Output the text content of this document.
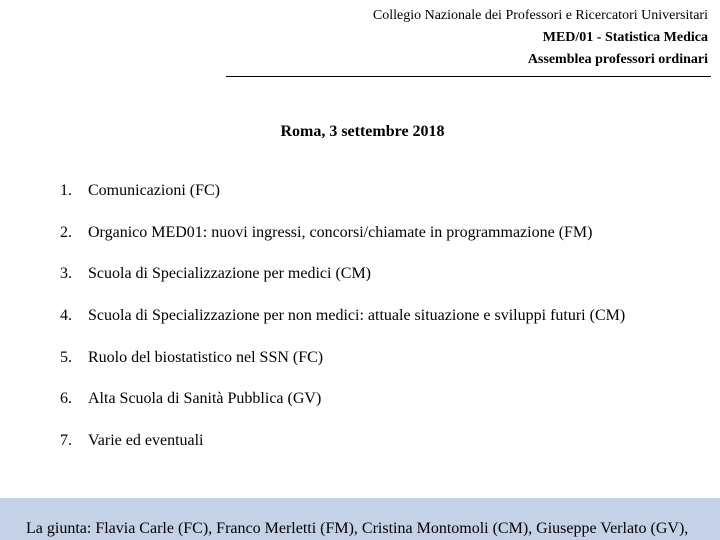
Collegio Nazionale dei Professori e Ricercatori Universitari
MED/01 - Statistica Medica
Assemblea professori ordinari
Roma, 3 settembre 2018
1.	Comunicazioni (FC)
2.	Organico MED01: nuovi ingressi, concorsi/chiamate in programmazione (FM)
3.	Scuola di Specializzazione per medici (CM)
4.	Scuola di Specializzazione per non medici: attuale situazione e sviluppi futuri (CM)
5.	Ruolo del biostatistico nel SSN (FC)
6.	Alta Scuola di Sanità Pubblica (GV)
7.	Varie ed eventuali
La giunta: Flavia Carle (FC), Franco Merletti (FM), Cristina Montomoli (CM), Giuseppe Verlato (GV),
